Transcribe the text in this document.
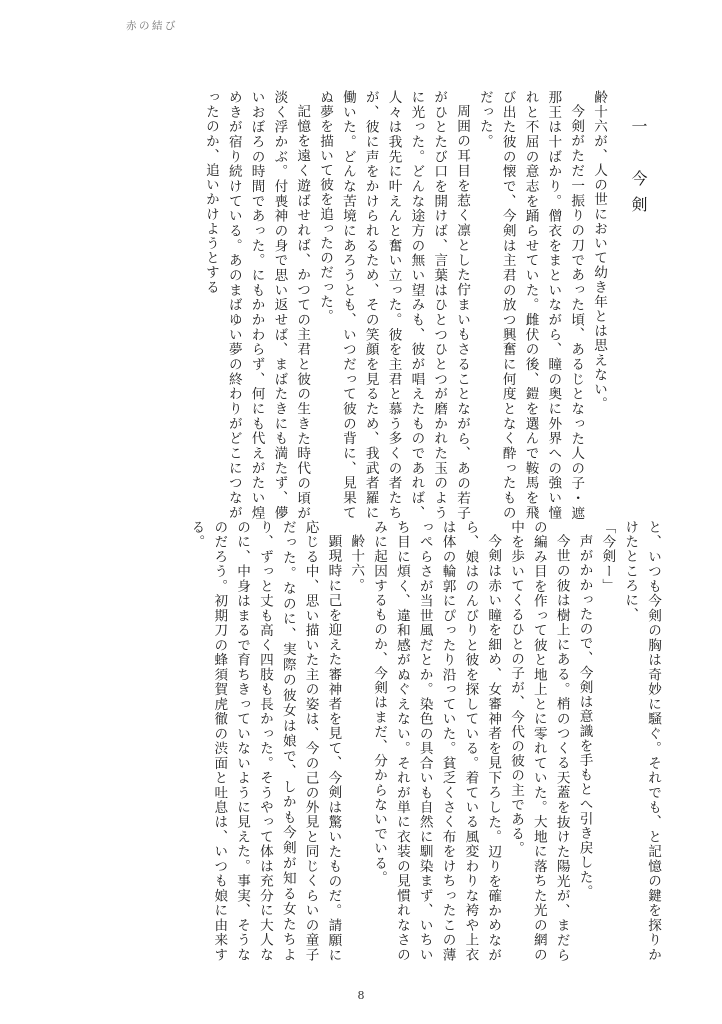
赤の結び
一　今剣

齢十六が、人の世において幼き年とは思えない。

今剣がただ一振りの刀であった頃、あるじとなった人の子・遮那王は十ばかり。僧衣をまといながら、瞳の奥に外界への強い憧れと不屈の意志を踊らせていた。雌伏の後、鎧を選んで鞍馬を飛び出た彼の懐で、今剣は主君の放つ興奮に何度となく酔ったものだった。

周囲の耳目を惹く凛とした佇まいもさることながら、あの若子がひとたび口を開けば、言葉はひとつひとつが磨かれた玉のように光った。どんな途方の無い望みも、彼が唱えたものであれば、人々は我先に叶えんと奮い立った。彼を主君と慕う多くの者たちが、彼に声をかけられるため、その笑顔を見るため、我武者羅に働いた。どんな苦境にあろうとも、いつだって彼の背に、見果てぬ夢を描いて彼を追ったのだった。

記憶を遠く遊ばせれば、かつての主君と彼の生きた時代の頃が淡く浮かぶ。付喪神の身で思い返せば、まばたきにも満たず、儚いおぼろの時間であった。にもかかわらず、何にも代えがたい煌めきが宿り続けている。あのまばゆい夢の終わりがどこにつながったのか、追いかけようとする

と、いつも今剣の胸は奇妙に騒ぐ。それでも、と記憶の鍵を探りかけたところに、

「今剣ー」

声がかかったので、今剣は意識を手もとへ引き戻した。

今世の彼は樹上にある。梢のつくる天蓋を抜けた陽光が、まだらの編み目を作って彼と地上とに零れていた。大地に落ちた光の網の中を歩いてくるひとの子が、今代の彼の主である。

今剣は赤い瞳を細め、女審神者を見下ろした。辺りを確かめながら、娘はのんびりと彼を探している。着ている風変わりな袴や上衣は体の輪郭にぴったり沿っていた。貧乏くさく布をけちったこの薄っぺらさが当世風だとか。染色の具合いも自然に馴染まず、いちいち目に煩く、違和感がぬぐえない。それが単に衣装の見慣れなさのみに起因するものか、今剣はまだ、分からないでいる。

齢十六。

顕現時に己を迎えた審神者を見て、今剣は驚いたものだ。請願に応じる中、思い描いた主の姿は、今の己の外見と同じくらいの童子だった。なのに、実際の彼女は娘で、しかも今剣が知る女たちより、ずっと丈も高く四肢も長かった。そうやって体は充分に大人なのに、中身はまるで育ちきっていないように見えた。事実、そうなのだろう。初期刀の蜂須賀虎徹の渋面と吐息は、いつも娘に由来する。

8
